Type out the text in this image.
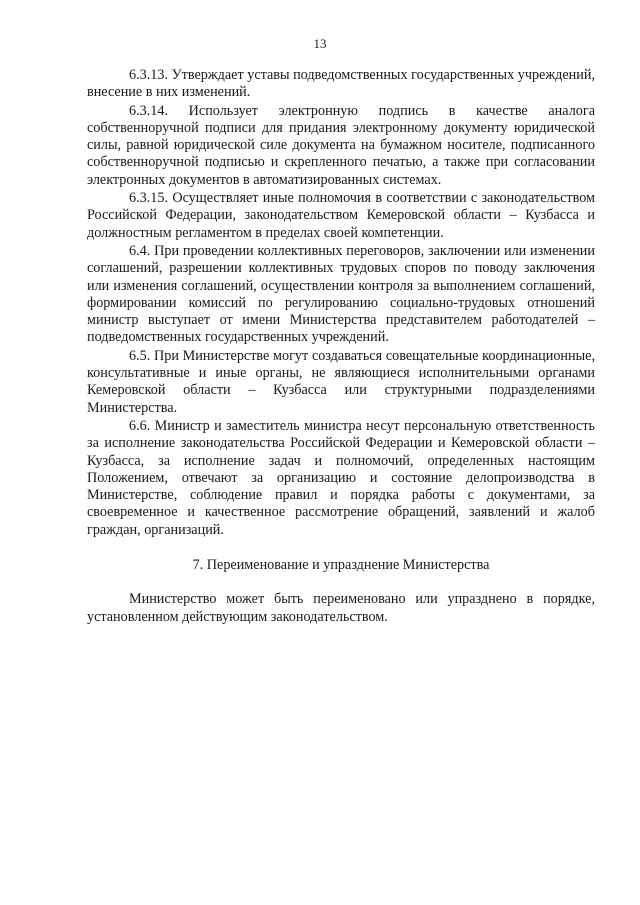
13

6.3.13. Утверждает уставы подведомственных государственных учреждений, внесение в них изменений.

6.3.14. Использует электронную подпись в качестве аналога собственноручной подписи для придания электронному документу юридической силы, равной юридической силе документа на бумажном носителе, подписанного собственноручной подписью и скрепленного печатью, а также при согласовании электронных документов в автоматизированных системах.

6.3.15. Осуществляет иные полномочия в соответствии с законодательством Российской Федерации, законодательством Кемеровской области – Кузбасса и должностным регламентом в пределах своей компетенции.

6.4. При проведении коллективных переговоров, заключении или изменении соглашений, разрешении коллективных трудовых споров по поводу заключения или изменения соглашений, осуществлении контроля за выполнением соглашений, формировании комиссий по регулированию социально-трудовых отношений министр выступает от имени Министерства представителем работодателей – подведомственных государственных учреждений.

6.5. При Министерстве могут создаваться совещательные координационные, консультативные и иные органы, не являющиеся исполнительными органами Кемеровской области – Кузбасса или структурными подразделениями Министерства.

6.6. Министр и заместитель министра несут персональную ответственность за исполнение законодательства Российской Федерации и Кемеровской области – Кузбасса, за исполнение задач и полномочий, определенных настоящим Положением, отвечают за организацию и состояние делопроизводства в Министерстве, соблюдение правил и порядка работы с документами, за своевременное и качественное рассмотрение обращений, заявлений и жалоб граждан, организаций.

7. Переименование и упразднение Министерства

Министерство может быть переименовано или упразднено в порядке, установленном действующим законодательством.
